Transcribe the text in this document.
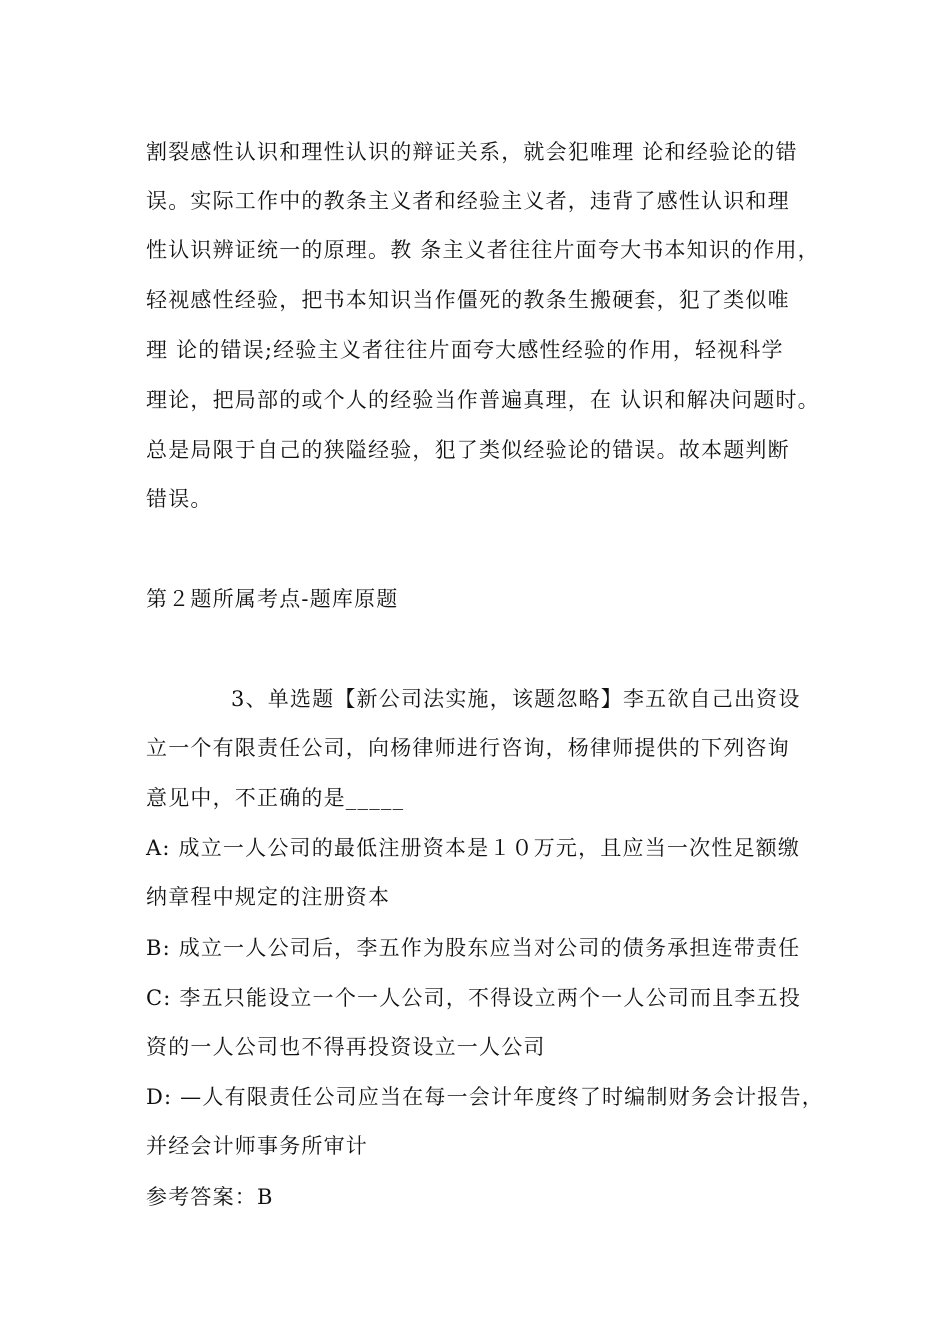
割裂感性认识和理性认识的辩证关系，就会犯唯理 论和经验论的错
误。实际工作中的教条主义者和经验主义者，违背了感性认识和理
性认识辨证统一的原理。教 条主义者往往片面夸大书本知识的作用，
轻视感性经验，把书本知识当作僵死的教条生搬硬套，犯了类似唯
理 论的错误;经验主义者往往片面夸大感性经验的作用，轻视科学
理论，把局部的或个人的经验当作普遍真理，在 认识和解决问题时。
总是局限于自己的狭隘经验，犯了类似经验论的错误。故本题判断
错误。
第２题所属考点-题库原题
3、单选题【新公司法实施，该题忽略】李五欲自己出资设
立一个有限责任公司，向杨律师进行咨询，杨律师提供的下列咨询
意见中，不正确的是_____
A: 成立一人公司的最低注册资本是１０万元，且应当一次性足额缴
纳章程中规定的注册资本
B: 成立一人公司后，李五作为股东应当对公司的债务承担连带责任
C: 李五只能设立一个一人公司，不得设立两个一人公司而且李五投
资的一人公司也不得再投资设立一人公司
D: —人有限责任公司应当在每一会计年度终了时编制财务会计报告，
并经会计师事务所审计
参考答案：B
